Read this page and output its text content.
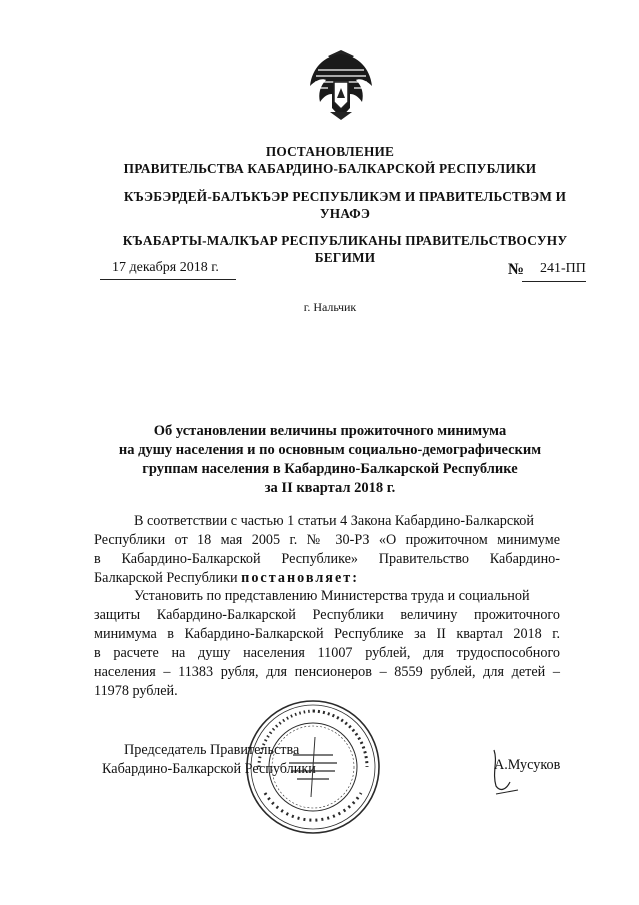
ПОСТАНОВЛЕНИЕ
ПРАВИТЕЛЬСТВА КАБАРДИНО-БАЛКАРСКОЙ РЕСПУБЛИКИ
КЪЭБЭРДЕЙ-БАЛЪКЪЭР РЕСПУБЛИКЭМ И ПРАВИТЕЛЬСТВЭМ И УНАФЭ
КЪАБАРТЫ-МАЛКЪАР РЕСПУБЛИКАНЫ ПРАВИТЕЛЬСТВОСУНУ БЕГИМИ
17 декабря 2018 г.	№ 241-ПП
г. Нальчик
Об установлении величины прожиточного минимума
на душу населения и по основным социально-демографическим
группам населения в Кабардино-Балкарской Республике
за II квартал 2018 г.
В соответствии с частью 1 статьи 4 Закона Кабардино-Балкарской
Республики от 18 мая 2005 г. № 30-РЗ «О прожиточном минимуме
в Кабардино-Балкарской Республике» Правительство Кабардино-
Балкарской Республики постановляет:
Установить по представлению Министерства труда и социальной
защиты Кабардино-Балкарской Республики величину прожиточного
минимума в Кабардино-Балкарской Республике за II квартал 2018 г.
в расчете на душу населения 11007 рублей, для трудоспособного
населения – 11383 рубля, для пенсионеров – 8559 рублей, для детей –
11978 рублей.
Председатель Правительства
Кабардино-Балкарской Республики	А.Мусуков
